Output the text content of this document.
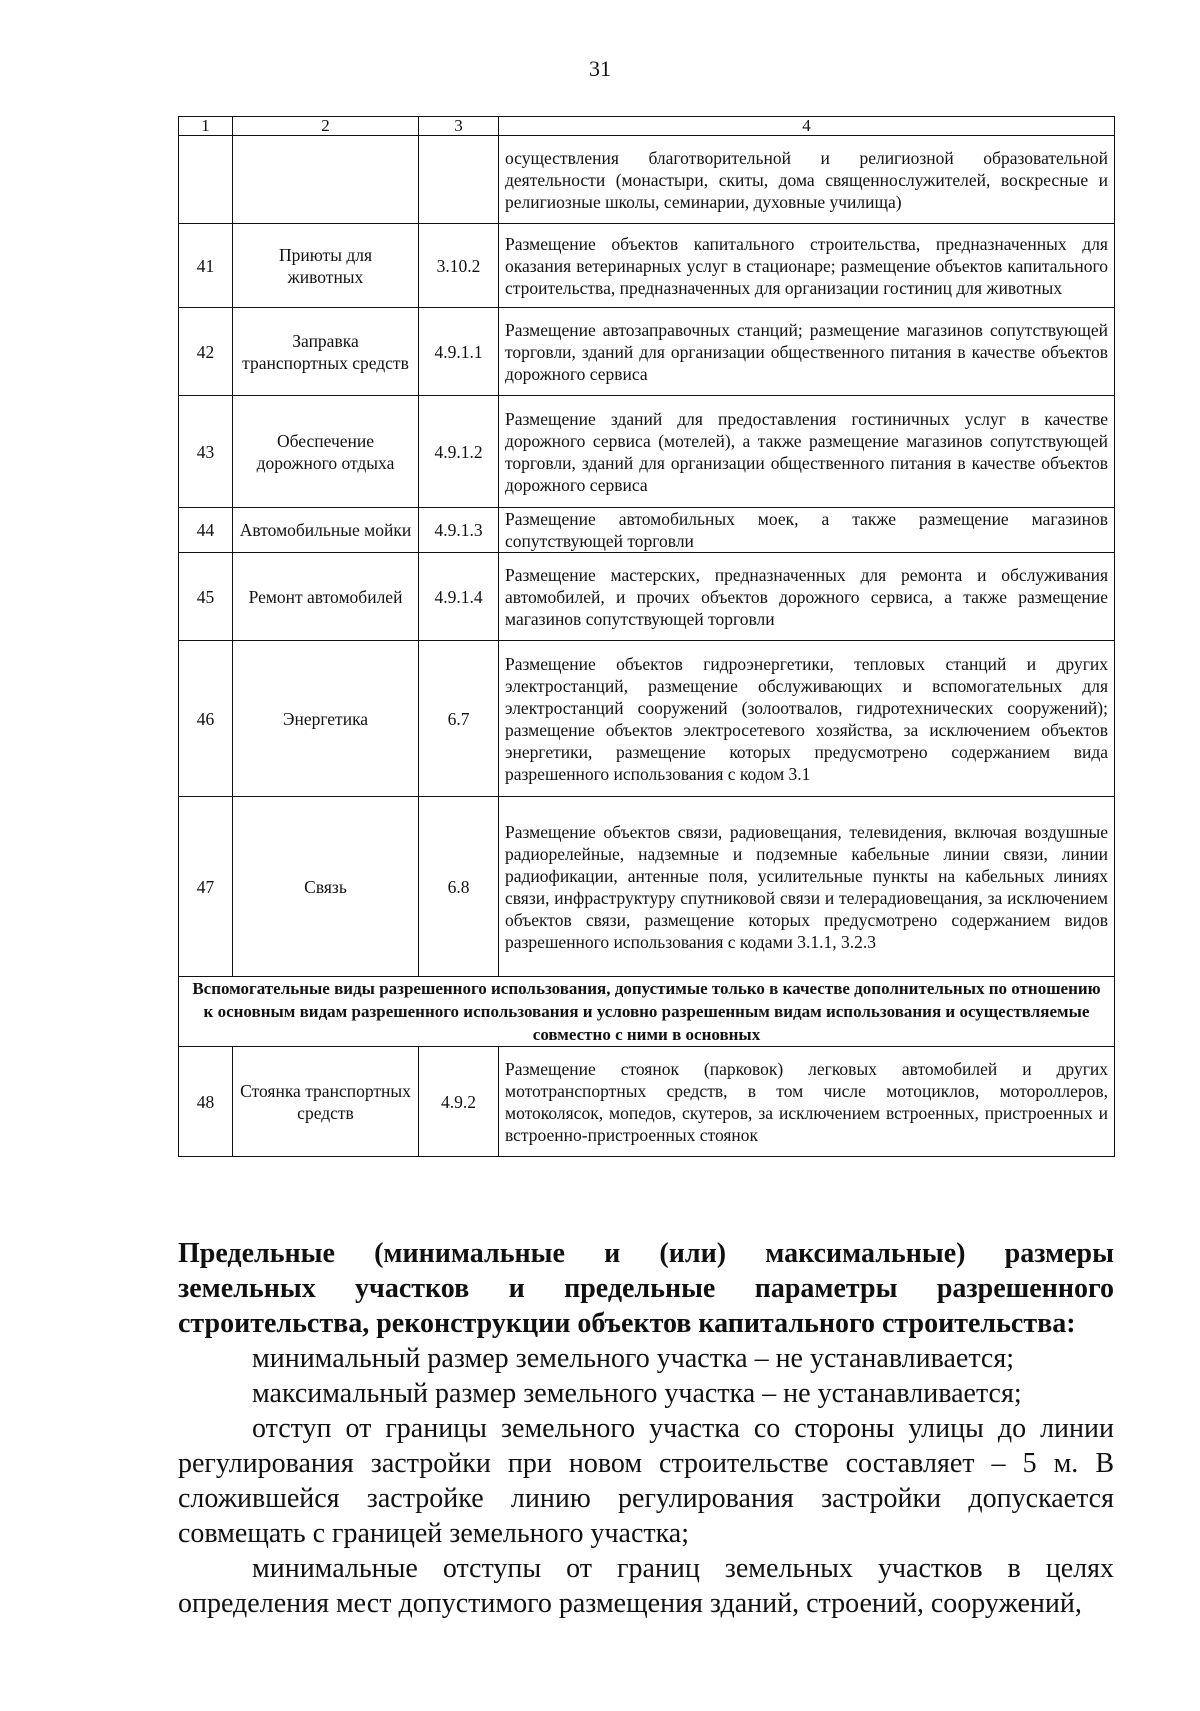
31
1	2	3	4
			осуществления благотворительной и религиозной образовательной деятельности (монастыри, скиты, дома священнослужителей, воскресные и религиозные школы, семинарии, духовные училища)
41	Приюты для животных	3.10.2	Размещение объектов капитального строительства, предназначенных для оказания ветеринарных услуг в стационаре; размещение объектов капитального строительства, предназначенных для организации гостиниц для животных
42	Заправка транспортных средств	4.9.1.1	Размещение автозаправочных станций; размещение магазинов сопутствующей торговли, зданий для организации общественного питания в качестве объектов дорожного сервиса
43	Обеспечение дорожного отдыха	4.9.1.2	Размещение зданий для предоставления гостиничных услуг в качестве дорожного сервиса (мотелей), а также размещение магазинов сопутствующей торговли, зданий для организации общественного питания в качестве объектов дорожного сервиса
44	Автомобильные мойки	4.9.1.3	Размещение автомобильных моек, а также размещение магазинов сопутствующей торговли
45	Ремонт автомобилей	4.9.1.4	Размещение мастерских, предназначенных для ремонта и обслуживания автомобилей, и прочих объектов дорожного сервиса, а также размещение магазинов сопутствующей торговли
46	Энергетика	6.7	Размещение объектов гидроэнергетики, тепловых станций и других электростанций, размещение обслуживающих и вспомогательных для электростанций сооружений (золоотвалов, гидротехнических сооружений); размещение объектов электросетевого хозяйства, за исключением объектов энергетики, размещение которых предусмотрено содержанием вида разрешенного использования с кодом 3.1
47	Связь	6.8	Размещение объектов связи, радиовещания, телевидения, включая воздушные радиорелейные, надземные и подземные кабельные линии связи, линии радиофикации, антенные поля, усилительные пункты на кабельных линиях связи, инфраструктуру спутниковой связи и телерадиовещания, за исключением объектов связи, размещение которых предусмотрено содержанием видов разрешенного использования с кодами 3.1.1, 3.2.3
Вспомогательные виды разрешенного использования, допустимые только в качестве дополнительных по отношению к основным видам разрешенного использования и условно разрешенным видам использования и осуществляемые совместно с ними в основных			
48	Стоянка транспортных средств	4.9.2	Размещение стоянок (парковок) легковых автомобилей и других мототранспортных средств, в том числе мотоциклов, мотороллеров, мотоколясок, мопедов, скутеров, за исключением встроенных, пристроенных и встроенно-пристроенных стоянок

Предельные (минимальные и (или) максимальные) размеры

земельных участков и предельные параметры разрешенного

строительства, реконструкции объектов капитального строительства:

минимальный размер земельного участка – не устанавливается;

максимальный размер земельного участка – не устанавливается;

отступ от границы земельного участка со стороны улицы до линии регулирования застройки при новом строительстве составляет – 5 м. В сложившейся застройке линию регулирования застройки допускается совмещать с границей земельного участка;

минимальные отступы от границ земельных участков в целях определения мест допустимого размещения зданий, строений, сооружений,
